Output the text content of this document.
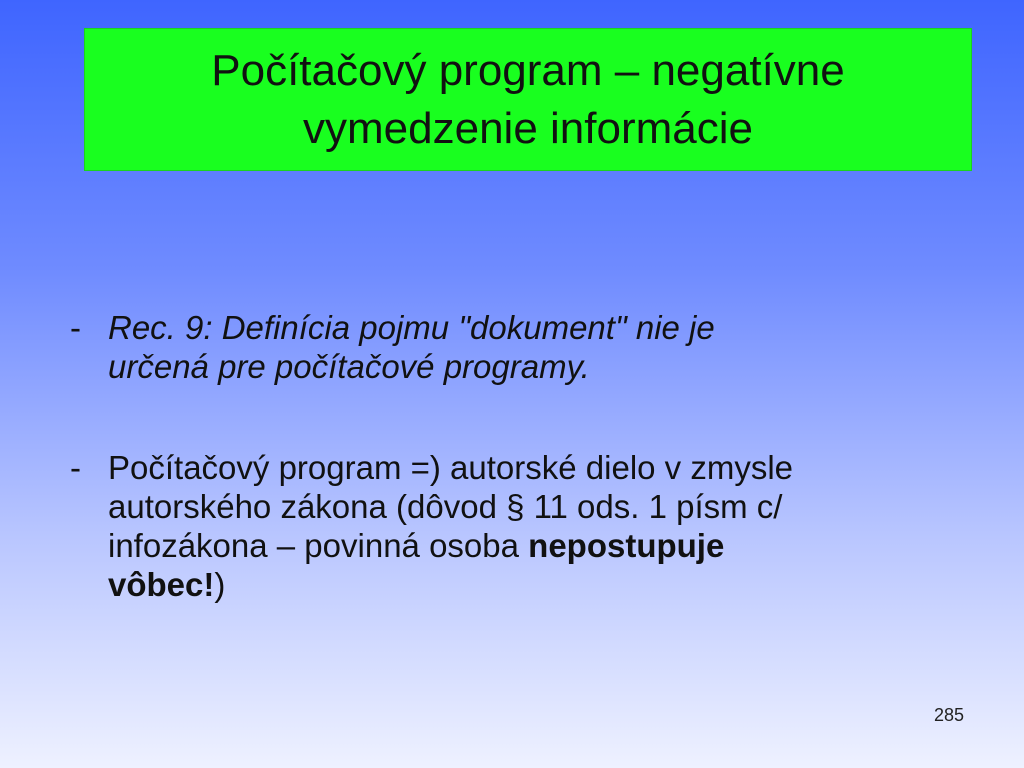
Počítačový program – negatívne
vymedzenie informácie
- Rec. 9: Definícia pojmu "dokument" nie je
určená pre počítačové programy.
- Počítačový program =) autorské dielo v zmysle
autorského zákona (dôvod § 11 ods. 1 písm c/
infozákona – povinná osoba nepostupuje
vôbec!)
285
